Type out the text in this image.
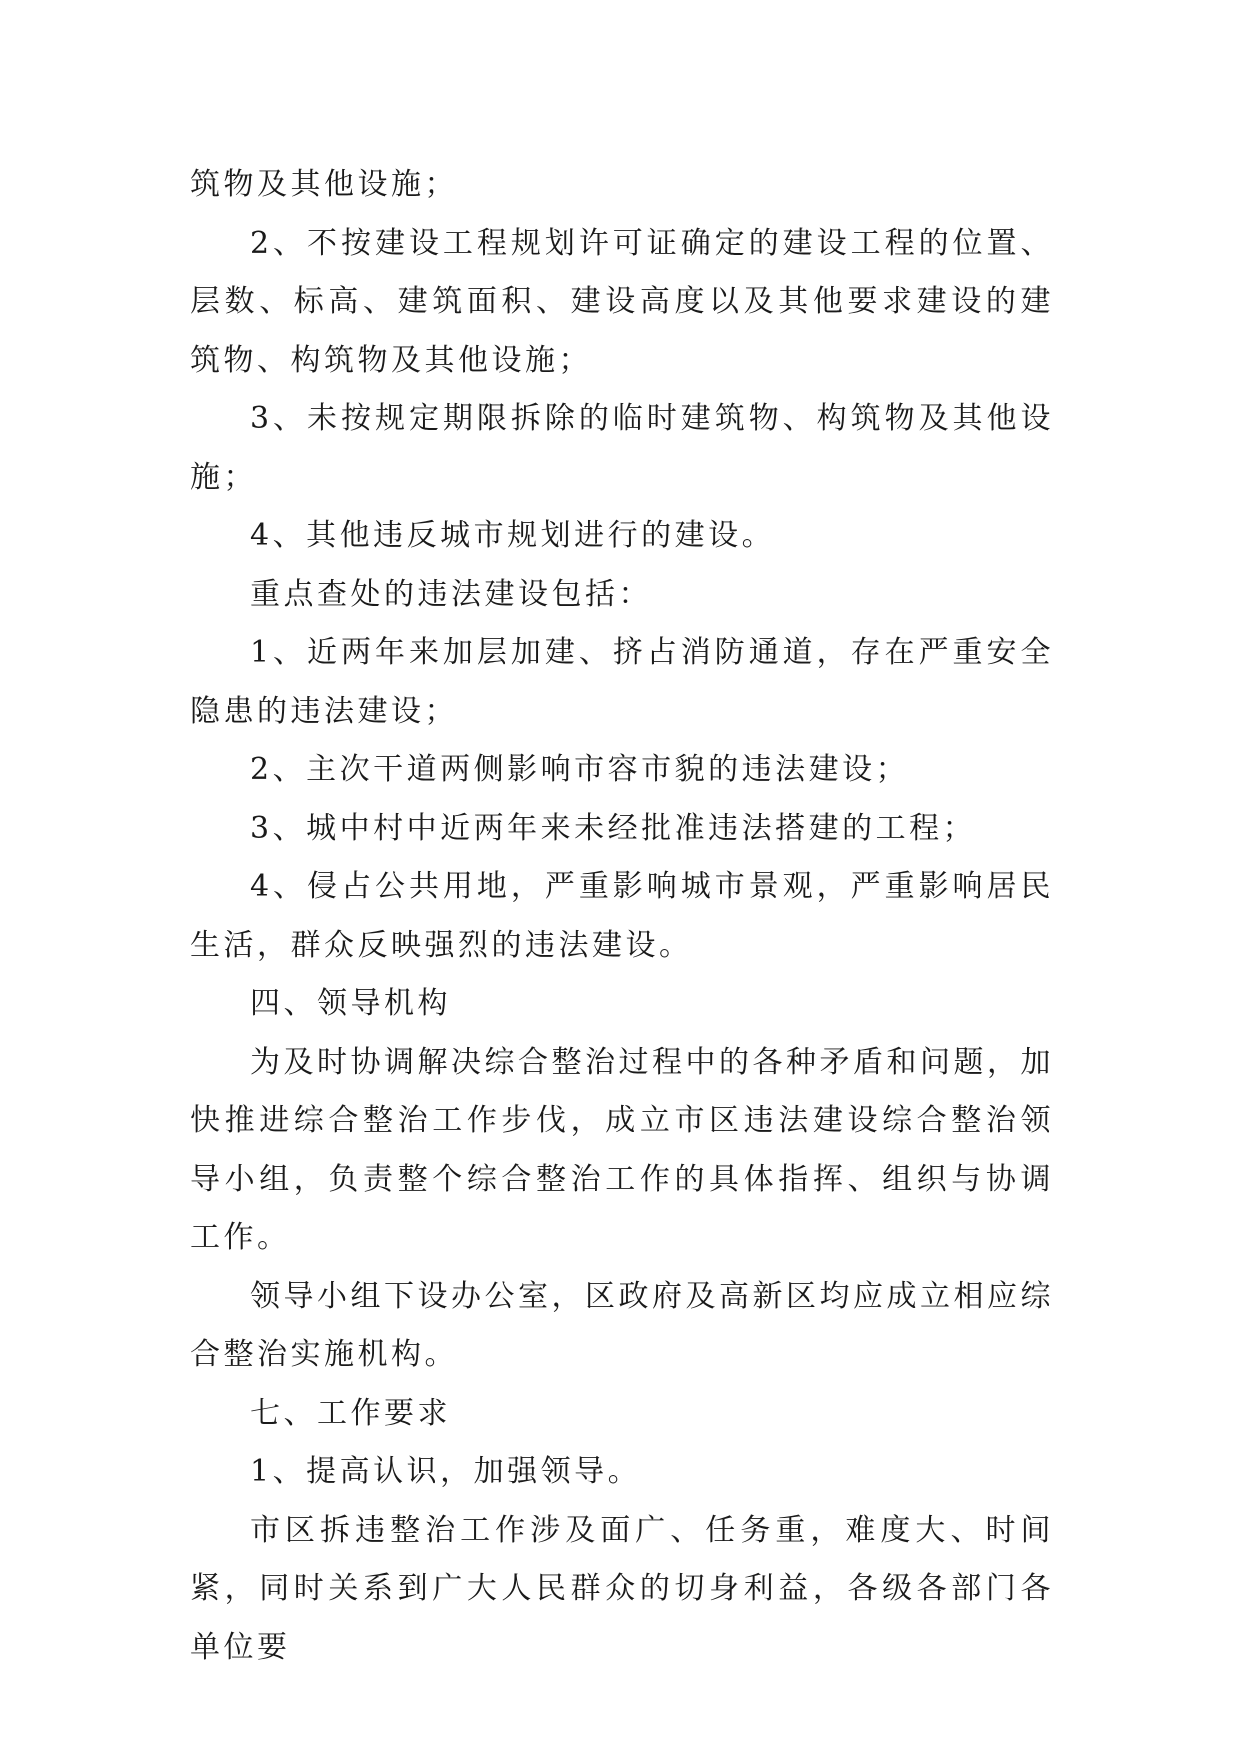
筑物及其他设施；

2、不按建设工程规划许可证确定的建设工程的位置、层数、标高、建筑面积、建设高度以及其他要求建设的建筑物、构筑物及其他设施；

3、未按规定期限拆除的临时建筑物、构筑物及其他设施；

4、其他违反城市规划进行的建设。

重点查处的违法建设包括：

1、近两年来加层加建、挤占消防通道，存在严重安全隐患的违法建设；

2、主次干道两侧影响市容市貌的违法建设；

3、城中村中近两年来未经批准违法搭建的工程；

4、侵占公共用地，严重影响城市景观，严重影响居民生活，群众反映强烈的违法建设。

四、领导机构

为及时协调解决综合整治过程中的各种矛盾和问题，加快推进综合整治工作步伐，成立市区违法建设综合整治领导小组，负责整个综合整治工作的具体指挥、组织与协调工作。

领导小组下设办公室，区政府及高新区均应成立相应综合整治实施机构。

七、工作要求

1、提高认识，加强领导。

市区拆违整治工作涉及面广、任务重，难度大、时间紧，同时关系到广大人民群众的切身利益，各级各部门各单位要
